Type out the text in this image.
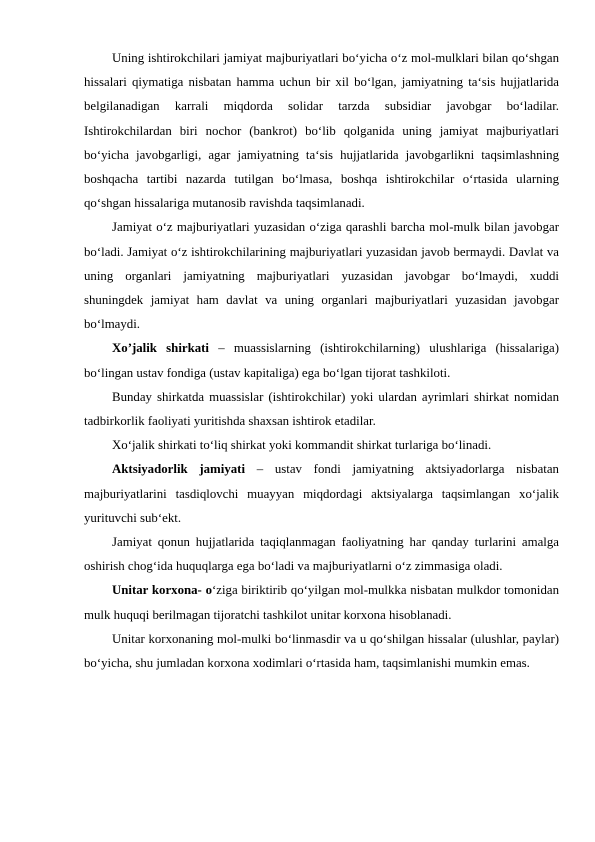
Uning ishtirokchilari jamiyat majburiyatlari bo‘yicha o‘z mol-mulklari bilan qo‘shgan hissalari qiymatiga nisbatan hamma uchun bir xil bo‘lgan, jamiyatning ta‘sis hujjatlarida belgilanadigan karrali miqdorda solidar tarzda subsidiar javobgar bo‘ladilar. Ishtirokchilardan biri nochor (bankrot) bo‘lib qolganida uning jamiyat majburiyatlari bo‘yicha javobgarligi, agar jamiyatning ta‘sis hujjatlarida javobgarlikni taqsimlashning boshqacha tartibi nazarda tutilgan bo‘lmasa, boshqa ishtirokchilar o‘rtasida ularning qo‘shgan hissalariga mutanosib ravishda taqsimlanadi.

Jamiyat o‘z majburiyatlari yuzasidan o‘ziga qarashli barcha mol-mulk bilan javobgar bo‘ladi. Jamiyat o‘z ishtirokchilarining majburiyatlari yuzasidan javob bermaydi. Davlat va uning organlari jamiyatning majburiyatlari yuzasidan javobgar bo‘lmaydi, xuddi shuningdek jamiyat ham davlat va uning organlari majburiyatlari yuzasidan javobgar bo‘lmaydi.

Xo’jalik shirkati – muassislarning (ishtirokchilarning) ulushlariga (hissalariga) bo‘lingan ustav fondiga (ustav kapitaliga) ega bo‘lgan tijorat tashkiloti.

Bunday shirkatda muassislar (ishtirokchilar) yoki ulardan ayrimlari shirkat nomidan tadbirkorlik faoliyati yuritishda shaxsan ishtirok etadilar.

Xo‘jalik shirkati to‘liq shirkat yoki kommandit shirkat turlariga bo‘linadi.

Aktsiyadorlik jamiyati – ustav fondi jamiyatning aktsiyadorlarga nisbatan majburiyatlarini tasdiqlovchi muayyan miqdordagi aktsiyalarga taqsimlangan xo‘jalik yurituvchi sub‘ekt.

Jamiyat qonun hujjatlarida taqiqlanmagan faoliyatning har qanday turlarini amalga oshirish chog‘ida huquqlarga ega bo‘ladi va majburiyatlarni o‘z zimmasiga oladi.

Unitar korxona- o‘ziga biriktirib qo‘yilgan mol-mulkka nisbatan mulkdor tomonidan mulk huquqi berilmagan tijoratchi tashkilot unitar korxona hisoblanadi.

Unitar korxonaning mol-mulki bo‘linmasdir va u qo‘shilgan hissalar (ulushlar, paylar) bo‘yicha, shu jumladan korxona xodimlari o‘rtasida ham, taqsimlanishi mumkin emas.
